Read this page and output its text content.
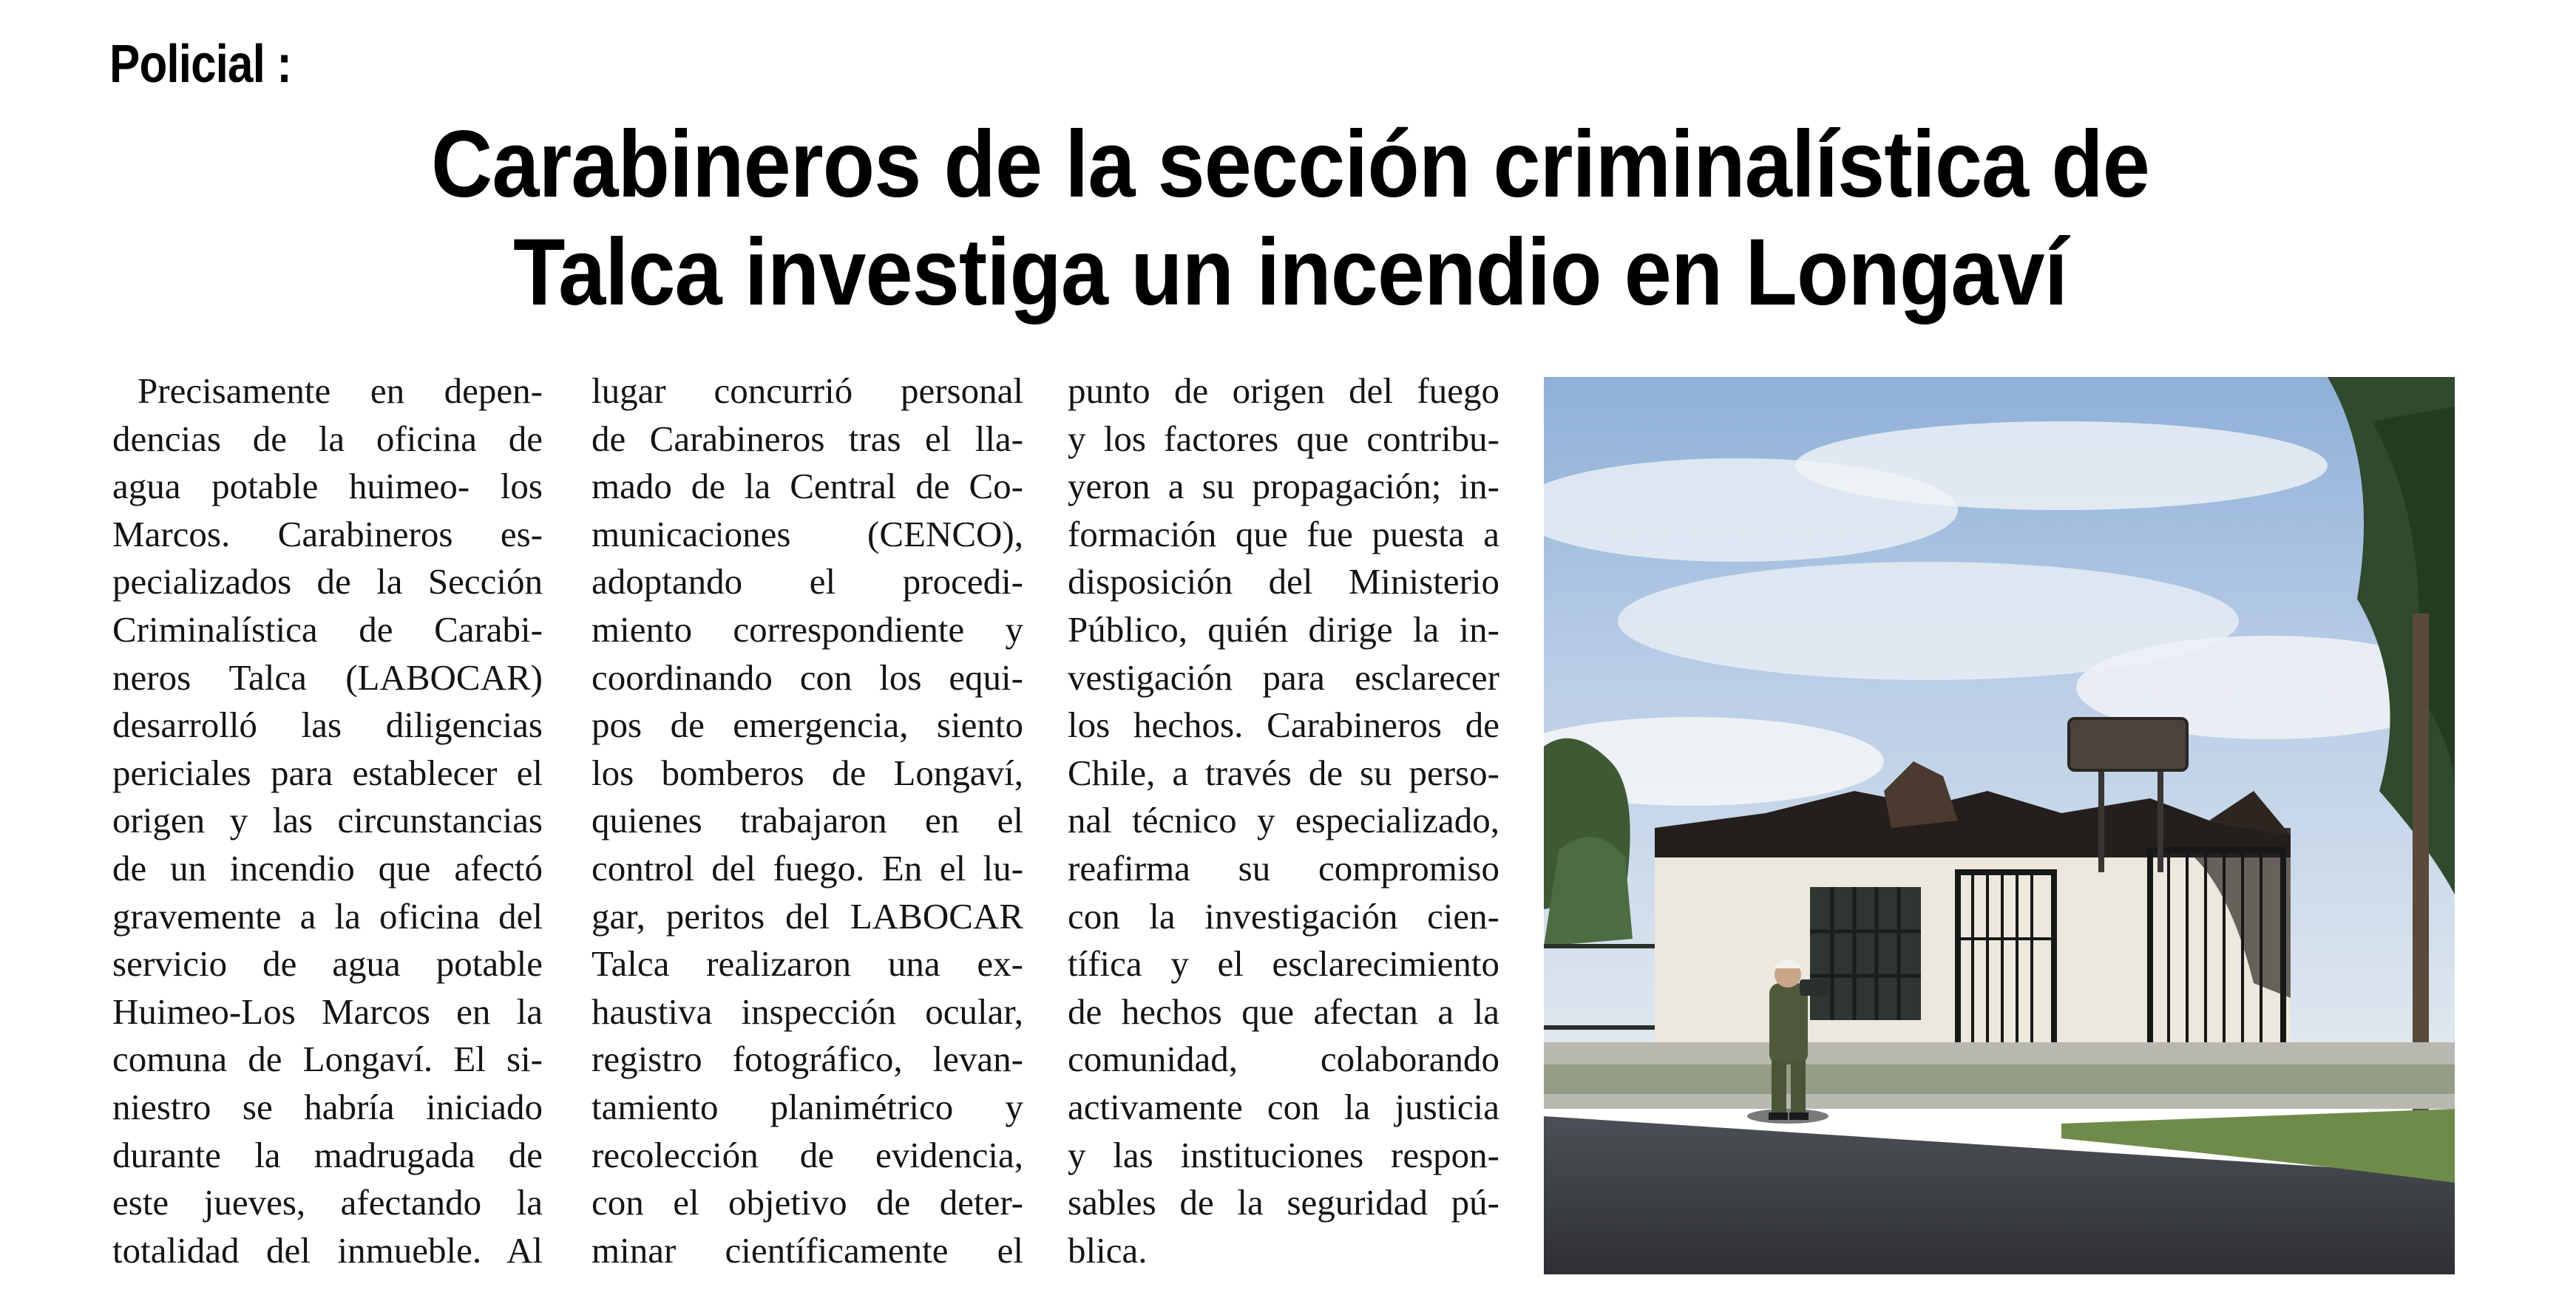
Policial :
Carabineros de la sección criminalística de
Talca investiga un incendio en Longaví
Precisamente en depen-
dencias de la oficina de
agua potable huimeo- los
Marcos. Carabineros es-
pecializados de la Sección
Criminalística de Carabi-
neros Talca (LABOCAR)
desarrolló las diligencias
periciales para establecer el
origen y las circunstancias
de un incendio que afectó
gravemente a la oficina del
servicio de agua potable
Huimeo-Los Marcos en la
comuna de Longaví. El si-
niestro se habría iniciado
durante la madrugada de
este jueves, afectando la
totalidad del inmueble. Al
lugar concurrió personal
de Carabineros tras el lla-
mado de la Central de Co-
municaciones (CENCO),
adoptando el procedi-
miento correspondiente y
coordinando con los equi-
pos de emergencia, siento
los bomberos de Longaví,
quienes trabajaron en el
control del fuego. En el lu-
gar, peritos del LABOCAR
Talca realizaron una ex-
haustiva inspección ocular,
registro fotográfico, levan-
tamiento planimétrico y
recolección de evidencia,
con el objetivo de deter-
minar científicamente el
punto de origen del fuego
y los factores que contribu-
yeron a su propagación; in-
formación que fue puesta a
disposición del Ministerio
Público, quién dirige la in-
vestigación para esclarecer
los hechos. Carabineros de
Chile, a través de su perso-
nal técnico y especializado,
reafirma su compromiso
con la investigación cien-
tífica y el esclarecimiento
de hechos que afectan a la
comunidad, colaborando
activamente con la justicia
y las instituciones respon-
sables de la seguridad pú-
blica.
